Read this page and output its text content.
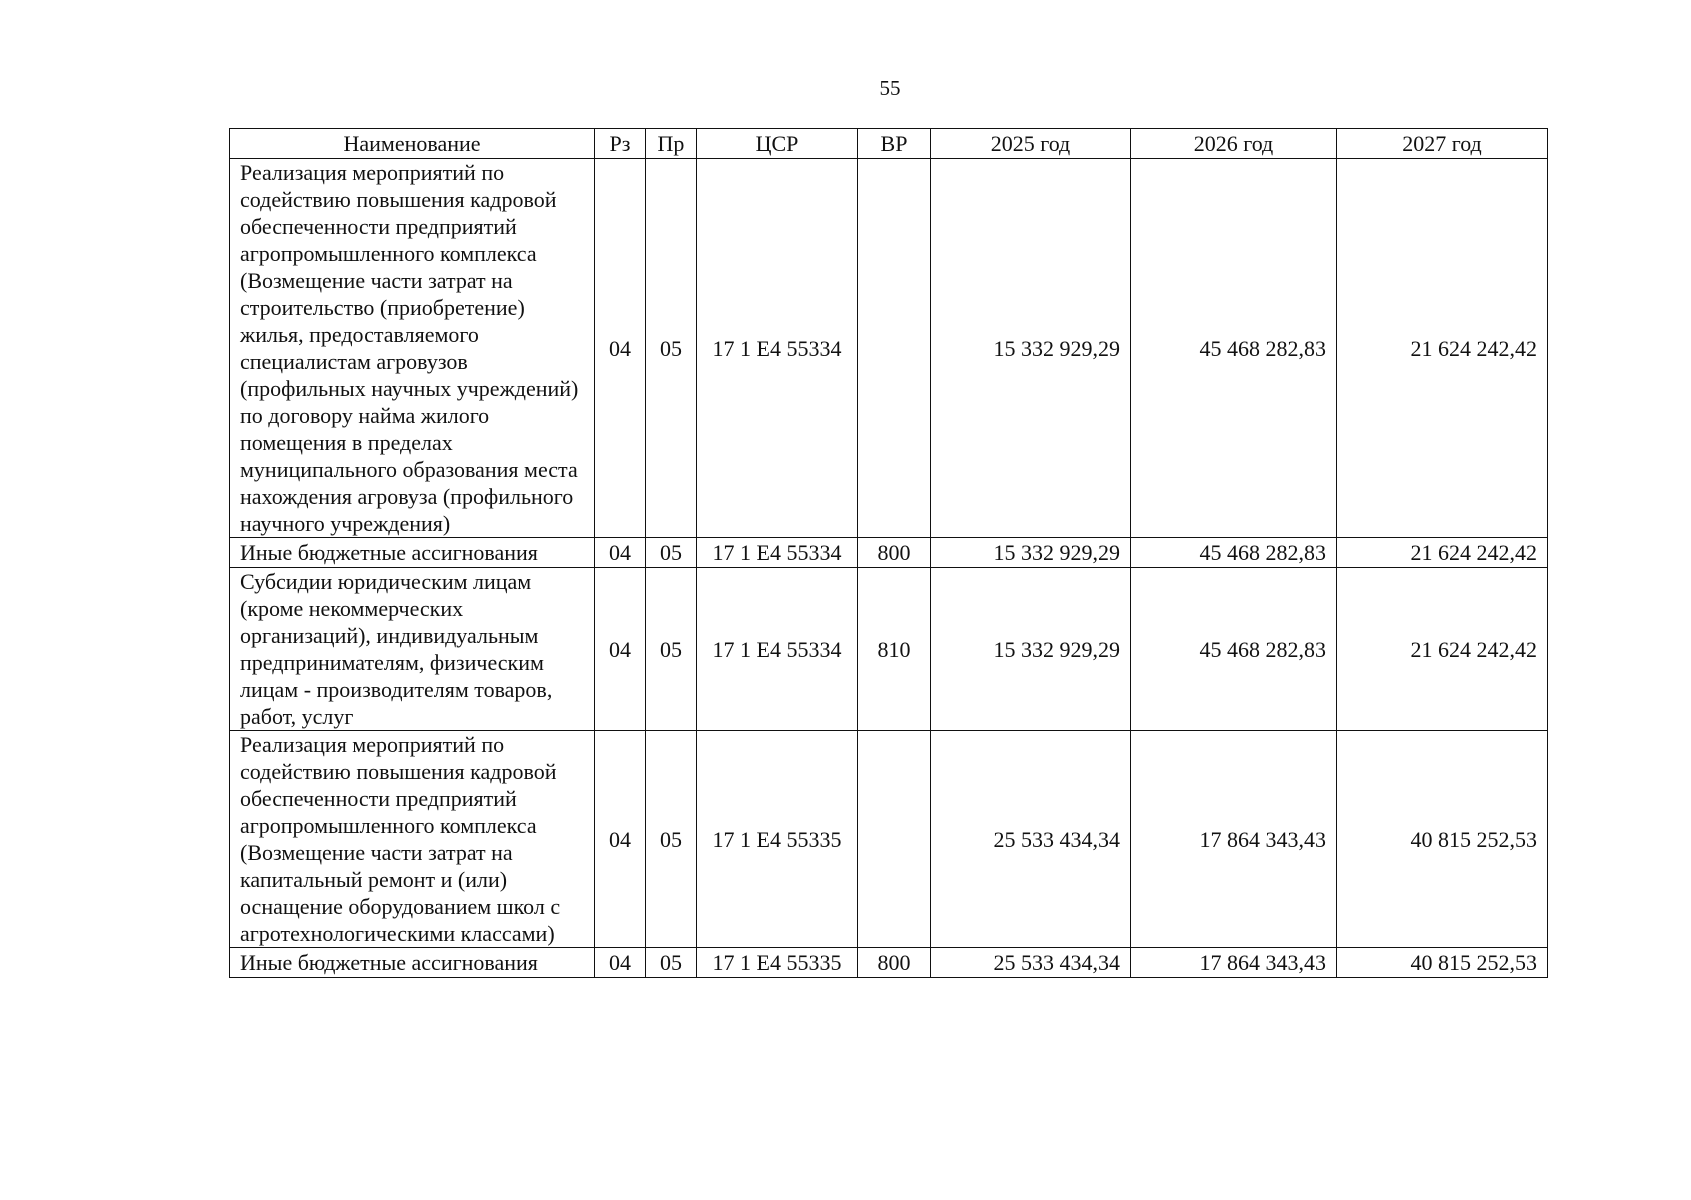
55
Наименование	Рз	Пр	ЦСР	ВР	2025 год	2026 год	2027 год
Реализация мероприятий по содействию повышения кадровой обеспеченности предприятий агропромышленного комплекса (Возмещение части затрат на строительство (приобретение) жилья, предоставляемого специалистам агровузов (профильных научных учреждений) по договору найма жилого помещения в пределах муниципального образования места нахождения агровуза (профильного научного учреждения)	04	05	17 1 Е4 55334		15 332 929,29	45 468 282,83	21 624 242,42
Иные бюджетные ассигнования	04	05	17 1 Е4 55334	800	15 332 929,29	45 468 282,83	21 624 242,42
Субсидии юридическим лицам (кроме некоммерческих организаций), индивидуальным предпринимателям, физическим лицам - производителям товаров, работ, услуг	04	05	17 1 Е4 55334	810	15 332 929,29	45 468 282,83	21 624 242,42
Реализация мероприятий по содействию повышения кадровой обеспеченности предприятий агропромышленного комплекса (Возмещение части затрат на капитальный ремонт и (или) оснащение оборудованием школ с агротехнологическими классами)	04	05	17 1 Е4 55335		25 533 434,34	17 864 343,43	40 815 252,53
Иные бюджетные ассигнования	04	05	17 1 Е4 55335	800	25 533 434,34	17 864 343,43	40 815 252,53
